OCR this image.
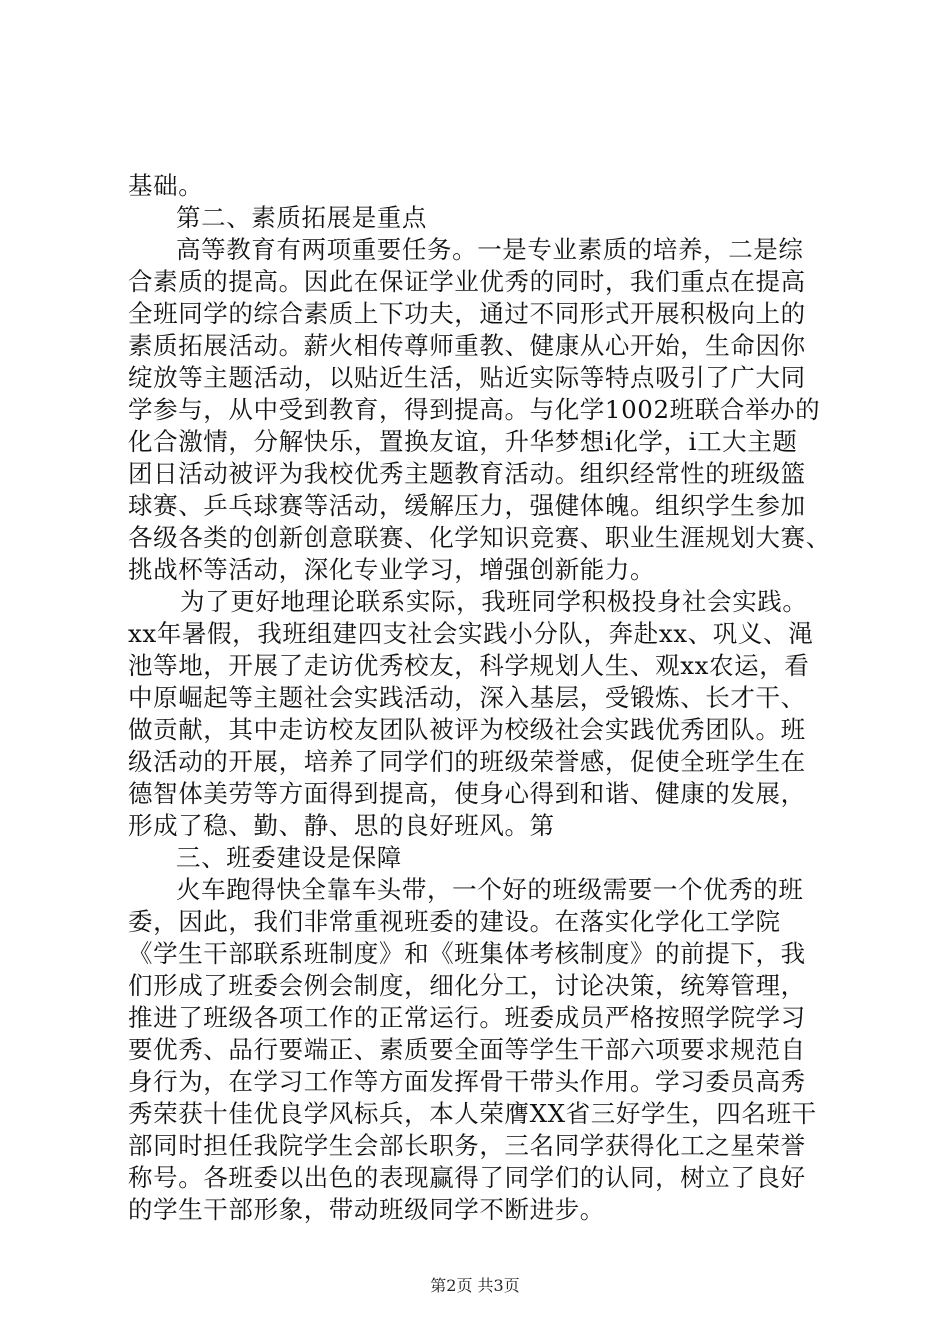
基础。
第二、素质拓展是重点
高等教育有两项重要任务。一是专业素质的培养，二是综
合素质的提高。因此在保证学业优秀的同时，我们重点在提高
全班同学的综合素质上下功夫，通过不同形式开展积极向上的
素质拓展活动。薪火相传尊师重教、健康从心开始，生命因你
绽放等主题活动，以贴近生活，贴近实际等特点吸引了广大同
学参与，从中受到教育，得到提高。与化学1002班联合举办的
化合激情，分解快乐，置换友谊，升华梦想i化学，i工大主题
团日活动被评为我校优秀主题教育活动。组织经常性的班级篮
球赛、乒乓球赛等活动，缓解压力，强健体魄。组织学生参加
各级各类的创新创意联赛、化学知识竞赛、职业生涯规划大赛、
挑战杯等活动，深化专业学习，增强创新能力。
为了更好地理论联系实际，我班同学积极投身社会实践。
xx年暑假，我班组建四支社会实践小分队，奔赴xx、巩义、渑
池等地，开展了走访优秀校友，科学规划人生、观xx农运，看
中原崛起等主题社会实践活动，深入基层，受锻炼、长才干、
做贡献，其中走访校友团队被评为校级社会实践优秀团队。班
级活动的开展，培养了同学们的班级荣誉感，促使全班学生在
德智体美劳等方面得到提高，使身心得到和谐、健康的发展，
形成了稳、勤、静、思的良好班风。第
三、班委建设是保障
火车跑得快全靠车头带，一个好的班级需要一个优秀的班
委，因此，我们非常重视班委的建设。在落实化学化工学院
《学生干部联系班制度》和《班集体考核制度》的前提下，我
们形成了班委会例会制度，细化分工，讨论决策，统筹管理，
推进了班级各项工作的正常运行。班委成员严格按照学院学习
要优秀、品行要端正、素质要全面等学生干部六项要求规范自
身行为，在学习工作等方面发挥骨干带头作用。学习委员高秀
秀荣获十佳优良学风标兵，本人荣膺XX省三好学生，四名班干
部同时担任我院学生会部长职务，三名同学获得化工之星荣誉
称号。各班委以出色的表现赢得了同学们的认同，树立了良好
的学生干部形象，带动班级同学不断进步。
第2页 共3页
